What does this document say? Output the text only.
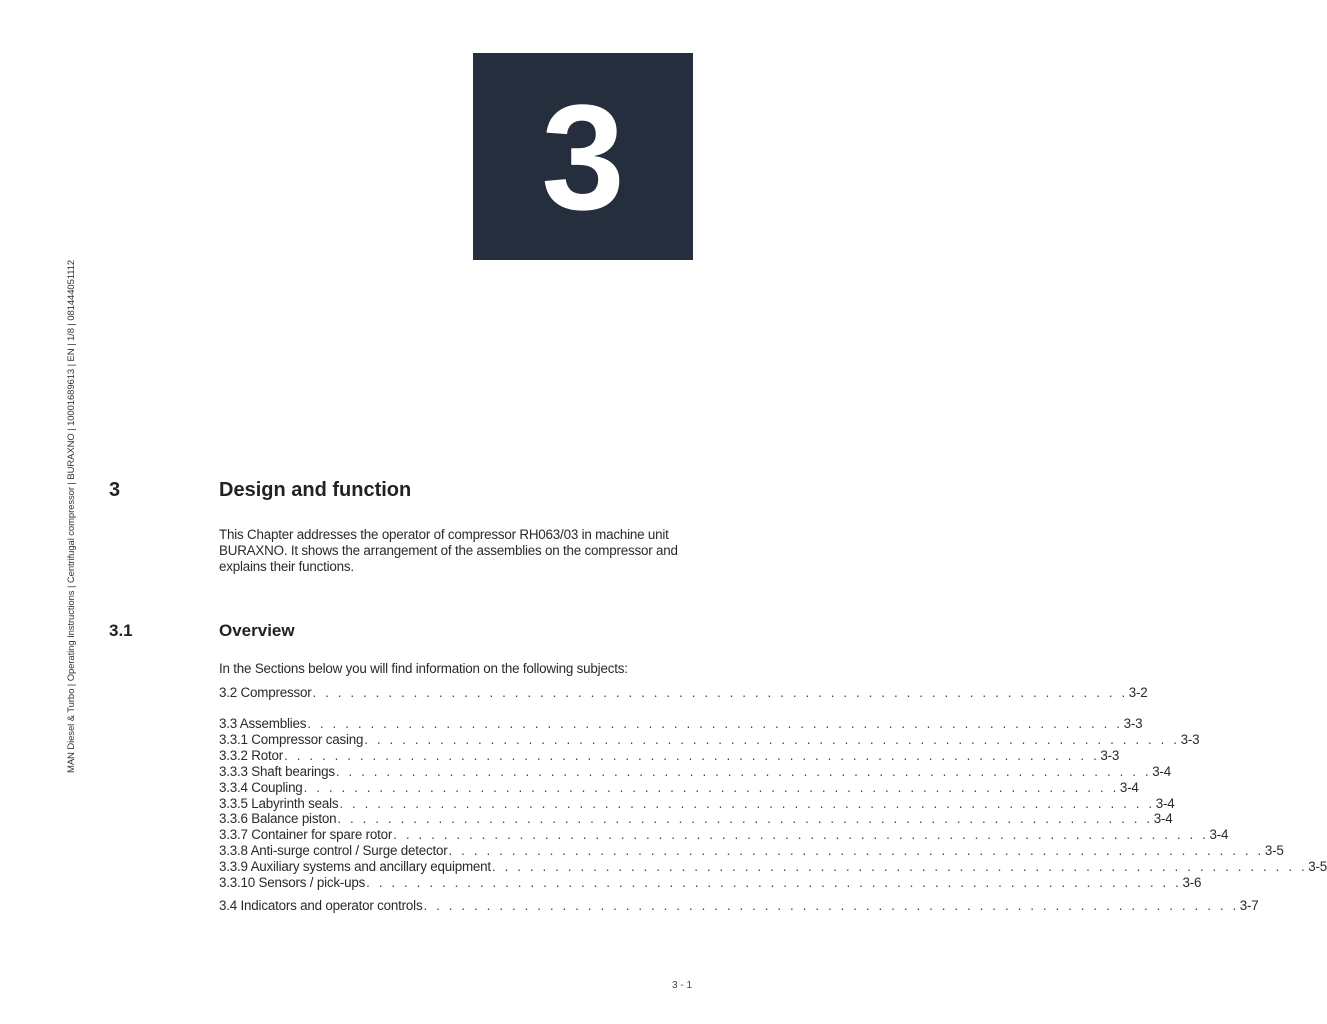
3
MAN Diesel & Turbo | Operating Instructions | Centrifugal compressor | BURAXNO | 10001689613 | EN | 1/8 | 081444051112 3	Design and function
This Chapter addresses the operator of compressor RH063/03 in machine unit
BURAXNO. It shows the arrangement of the assemblies on the compressor and
explains their functions.
3.1	Overview
In the Sections below you will find information on the following subjects:
3.2 Compressor . . . . . . . . . . . . . . . . . . . . . . . . . . . . . . . . . . . . . . . . . . . . . . . . . . . . . . . . . . . . . . . . . 3-2
3.3 Assemblies . . . . . . . . . . . . . . . . . . . . . . . . . . . . . . . . . . . . . . . . . . . . . . . . . . . . . . . . . . . . . . . . . 3-3
3.3.1 Compressor casing . . . . . . . . . . . . . . . . . . . . . . . . . . . . . . . . . . . . . . . . . . . . . . . . . . . . . . . . . . . . . . . . . 3-3
3.3.2 Rotor . . . . . . . . . . . . . . . . . . . . . . . . . . . . . . . . . . . . . . . . . . . . . . . . . . . . . . . . . . . . . . . . . 3-3
3.3.3 Shaft bearings . . . . . . . . . . . . . . . . . . . . . . . . . . . . . . . . . . . . . . . . . . . . . . . . . . . . . . . . . . . . . . . . . 3-4
3.3.4 Coupling . . . . . . . . . . . . . . . . . . . . . . . . . . . . . . . . . . . . . . . . . . . . . . . . . . . . . . . . . . . . . . . . . 3-4
3.3.5 Labyrinth seals . . . . . . . . . . . . . . . . . . . . . . . . . . . . . . . . . . . . . . . . . . . . . . . . . . . . . . . . . . . . . . . . . 3-4
3.3.6 Balance piston . . . . . . . . . . . . . . . . . . . . . . . . . . . . . . . . . . . . . . . . . . . . . . . . . . . . . . . . . . . . . . . . . 3-4
3.3.7 Container for spare rotor . . . . . . . . . . . . . . . . . . . . . . . . . . . . . . . . . . . . . . . . . . . . . . . . . . . . . . . . . . . . . . . . . 3-4
3.3.8 Anti-surge control / Surge detector . . . . . . . . . . . . . . . . . . . . . . . . . . . . . . . . . . . . . . . . . . . . . . . . . . . . . . . . . . . . . . . . . 3-5
3.3.9 Auxiliary systems and ancillary equipment . . . . . . . . . . . . . . . . . . . . . . . . . . . . . . . . . . . . . . . . . . . . . . . . . . . . . . . . . . . . . . . . . 3-5
3.3.10 Sensors / pick-ups . . . . . . . . . . . . . . . . . . . . . . . . . . . . . . . . . . . . . . . . . . . . . . . . . . . . . . . . . . . . . . . . . 3-6
3.4 Indicators and operator controls . . . . . . . . . . . . . . . . . . . . . . . . . . . . . . . . . . . . . . . . . . . . . . . . . . . . . . . . . . . . . . . . . 3-7
3 - 1
